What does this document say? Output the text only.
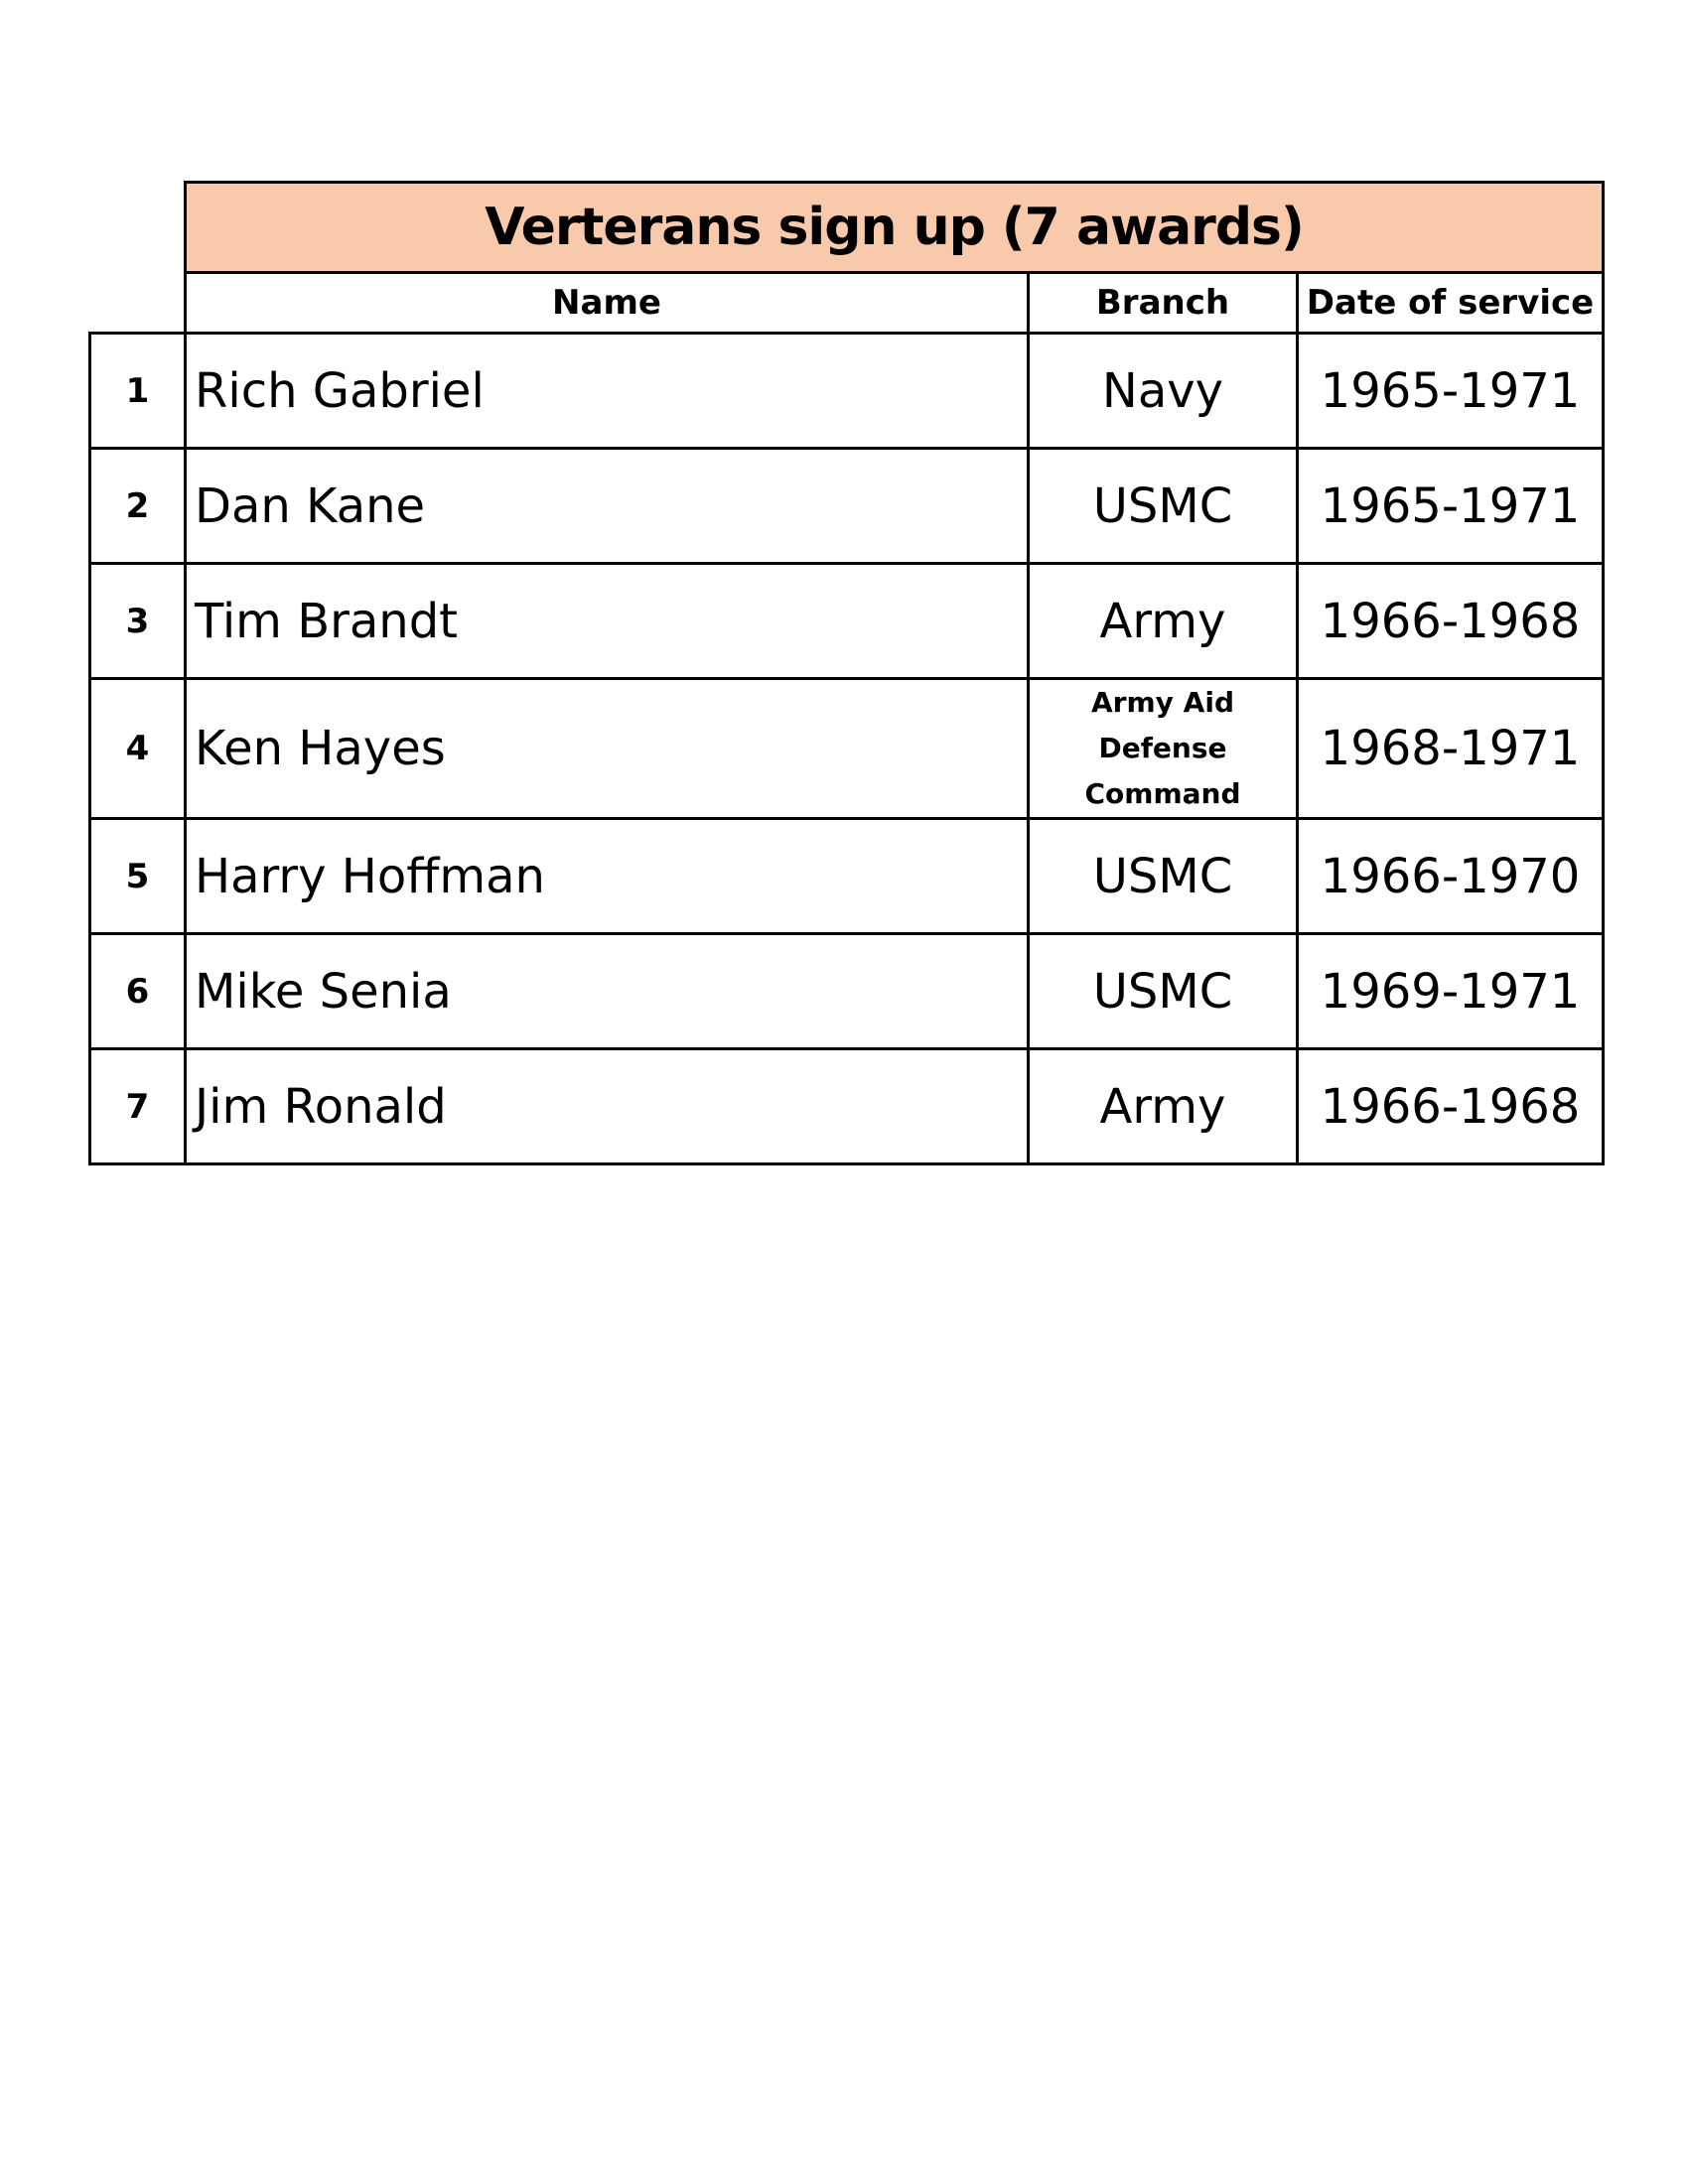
	Verterans sign up (7 awards)		
	Name	Branch	Date of service
1	Rich Gabriel	Navy	1965-1971
2	Dan Kane	USMC	1965-1971
3	Tim Brandt	Army	1966-1968
4	Ken Hayes	Army Aid Defense Command	1968-1971
5	Harry Hoffman	USMC	1966-1970
6	Mike Senia	USMC	1969-1971
7	Jim Ronald	Army	1966-1968
